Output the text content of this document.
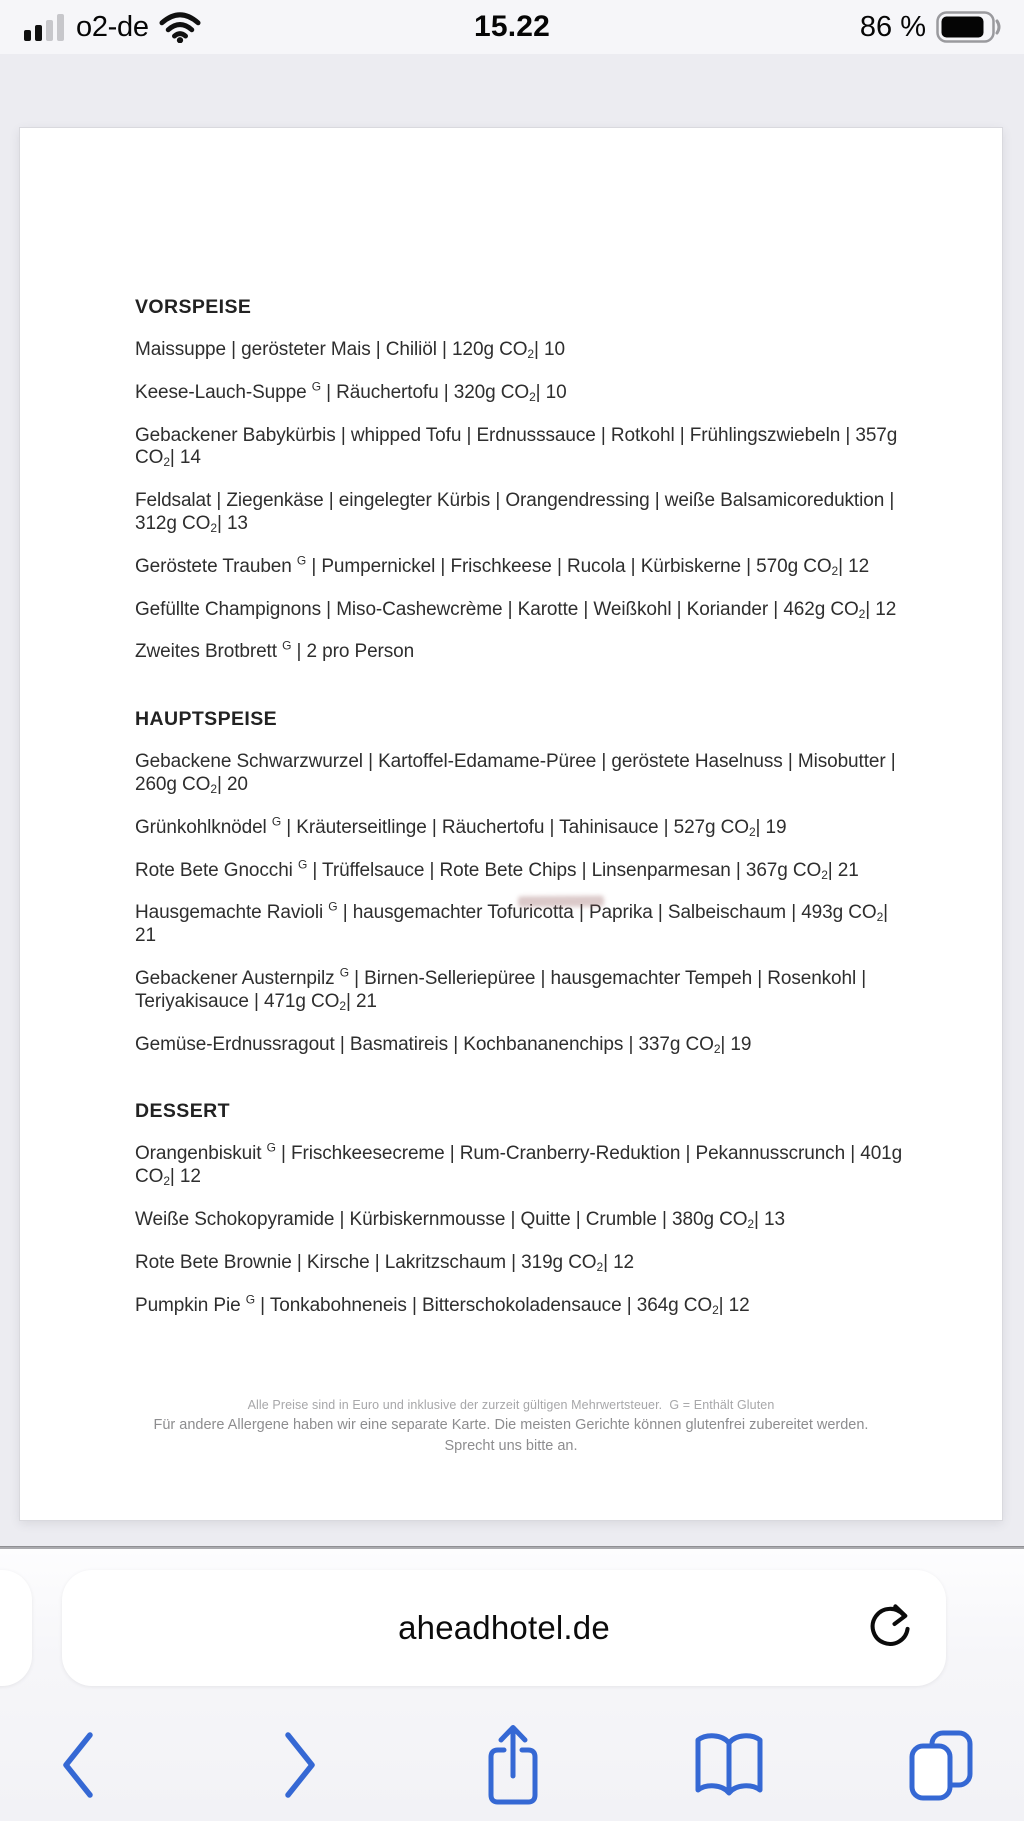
o2-de	15.22	86 %
VORSPEISE

Maissuppe | gerösteter Mais | Chiliöl | 120g $CO_2|$ 10

Keese-Lauch-Suppe $^G$ | Räuchertofu | 320g $CO_2|$ 10

Gebackener Babykürbis | whipped Tofu | Erdnusssauce | Rotkohl | Frühlingszwiebeln | 357g $CO_2|$ 14

Feldsalat | Ziegenkäse | eingelegter Kürbis | Orangendressing | weiße Balsamicoreduktion | 312g $CO_2|$ 13

Geröstete Trauben $^G$ | Pumpernickel | Frischkeese | Rucola | Kürbiskerne | 570g $CO_2|$ 12

Gefüllte Champignons | Miso-Cashewcrème | Karotte | Weißkohl | Koriander | 462g $CO_2|$ 12

Zweites Brotbrett $^G$ | 2 pro Person

HAUPTSPEISE

Gebackene Schwarzwurzel | Kartoffel-Edamame-Püree | geröstete Haselnuss | Misobutter | 260g $CO_2|$ 20

Grünkohlknödel $^G$ | Kräuterseitlinge | Räuchertofu | Tahinisauce | 527g $CO_2|$ 19

Rote Bete Gnocchi $^G$ | Trüffelsauce | Rote Bete Chips | Linsenparmesan | 367g $CO_2|$ 21

Hausgemachte Ravioli $^G$ | hausgemachter Tofuricotta | Paprika | Salbeischaum | 493g $CO_2|$ 21

Gebackener Austernpilz $^G$ | Birnen-Selleriepüree | hausgemachter Tempeh | Rosenkohl | Teriyakisauce | 471g $CO_2|$ 21

Gemüse-Erdnussragout | Basmatireis | Kochbananenchips | 337g $CO_2|$ 19

DESSERT

Orangenbiskuit $^G$ | Frischkeesecreme | Rum-Cranberry-Reduktion | Pekannusscrunch | 401g $CO_2|$ 12

Weiße Schokopyramide | Kürbiskernmousse | Quitte | Crumble | 380g $CO_2|$ 13

Rote Bete Brownie | Kirsche | Lakritzschaum | 319g $CO_2|$ 12

Pumpkin Pie $^G$ | Tonkabohneneis | Bitterschokoladensauce | 364g $CO_2|$ 12

Alle Preise sind in Euro und inklusive der zurzeit gültigen Mehrwertsteuer.  G = Enthält Gluten
Für andere Allergene haben wir eine separate Karte. Die meisten Gerichte können glutenfrei zubereitet werden.
Sprecht uns bitte an.
aheadhotel.de
